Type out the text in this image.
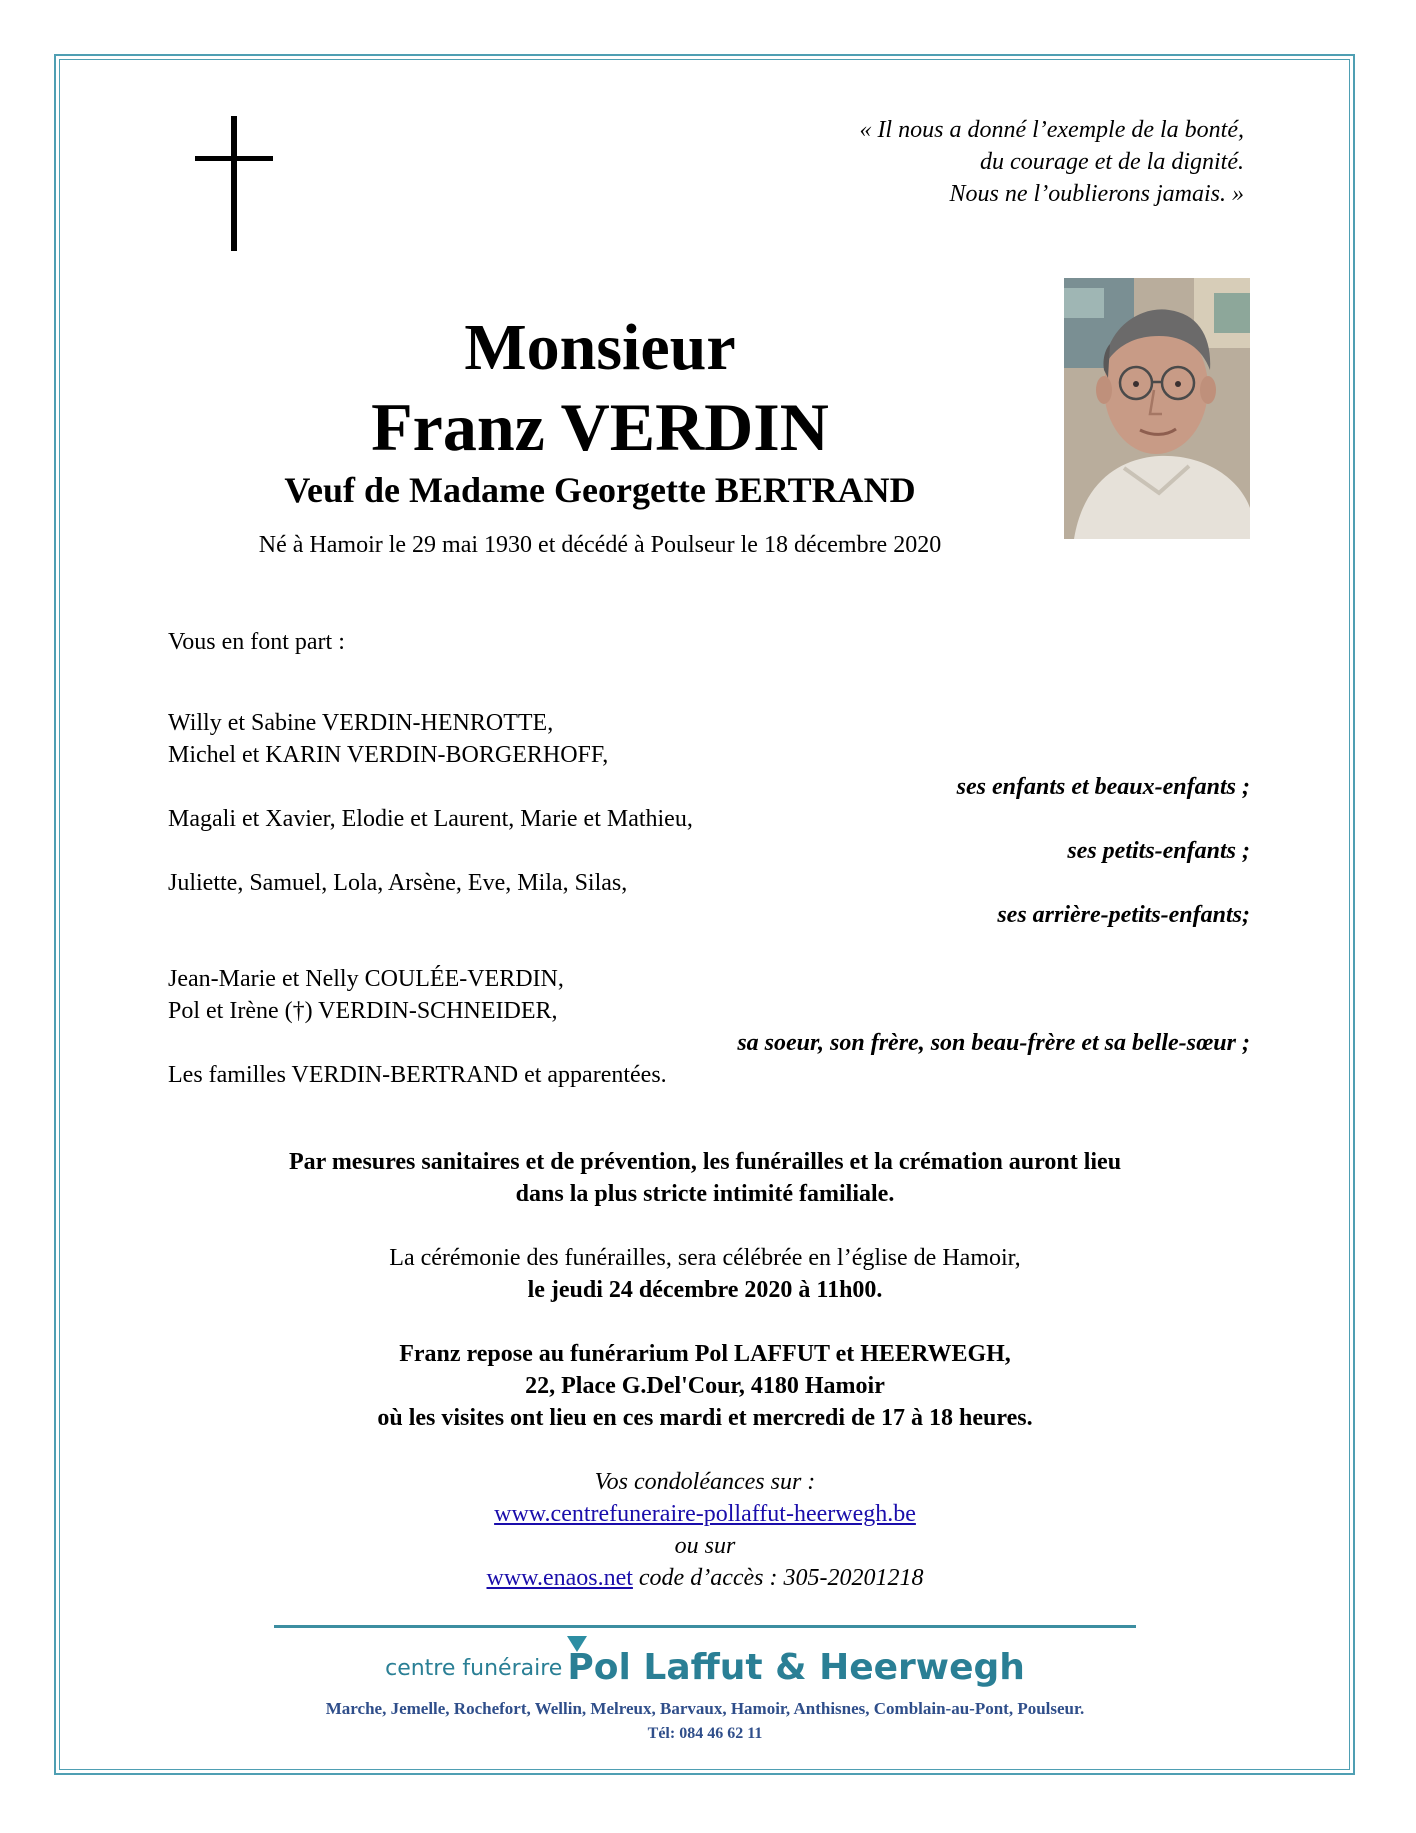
« Il nous a donné l’exemple de la bonté,
du courage et de la dignité.
Nous ne l’oublierons jamais. »
Monsieur
Franz VERDIN
Veuf de Madame Georgette BERTRAND
Né à Hamoir le 29 mai 1930 et décédé à Poulseur le 18 décembre 2020
Vous en font part :
Willy et Sabine VERDIN-HENROTTE,
Michel et KARIN VERDIN-BORGERHOFF,
ses enfants et beaux-enfants ;
Magali et Xavier, Elodie et Laurent, Marie et Mathieu,
ses petits-enfants ;
Juliette, Samuel, Lola, Arsène, Eve, Mila, Silas,
ses arrière-petits-enfants;
Jean-Marie et Nelly COULÉE-VERDIN,
Pol et Irène (†) VERDIN-SCHNEIDER,
sa soeur, son frère, son beau-frère et sa belle-sœur ;
Les familles VERDIN-BERTRAND et apparentées.
Par mesures sanitaires et de prévention, les funérailles et la crémation auront lieu
dans la plus stricte intimité familiale.
La cérémonie des funérailles, sera célébrée en l’église de Hamoir,
le jeudi 24 décembre 2020 à 11h00.
Franz repose au funérarium Pol LAFFUT et HEERWEGH,
22, Place G.Del'Cour, 4180 Hamoir
où les visites ont lieu en ces mardi et mercredi de 17 à 18 heures.
Vos condoléances sur :
www.centrefuneraire-pollaffut-heerwegh.be
ou sur
www.enaos.net code d’accès : 305-20201218
centre funéraire Pol Laffut & Heerwegh
Marche, Jemelle, Rochefort, Wellin, Melreux, Barvaux, Hamoir, Anthisnes, Comblain-au-Pont, Poulseur.
Tél: 084 46 62 11
